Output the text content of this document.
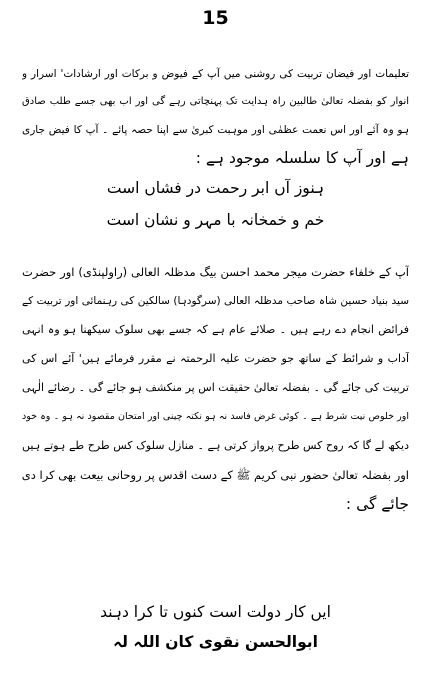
15
تعلیمات اور فیضان تربیت کی روشنی میں آپ کے فیوض و برکات اور ارشادات' اسرار و
انوار کو بفضلہ تعالیٰ طالبین راہ ہدایت تک پہنچاتی رہے گی اور اب بھی جسے طلب صادق
ہو وہ آئے اور اس نعمت عظمٰی اور موہبت کبریٰ سے اپنا حصہ پائے ۔ آپ کا فیض جاری
ہے اور آپ کا سلسلہ موجود ہے :
ہنوز آں ابر رحمت در فشاں است
خم و خمخانہ با مہر و نشان است
آپ کے خلفاء حضرت میجر محمد احسن بیگ مدظلہ العالی (راولپنڈی) اور حضرت
سید بنیاد حسین شاہ صاحب مدظلہ العالی (سرگودہا) سالکین کی رہنمائی اور تربیت کے
فرائض انجام دے رہے ہیں ۔ صلائے عام ہے کہ جسے بھی سلوک سیکھنا ہو وہ انہی
آداب و شرائط کے ساتھ جو حضرت علیہ الرحمتہ نے مقرر فرمائے ہیں' آئے اس کی
تربیت کی جائے گی ۔ بفضلہ تعالیٰ حقیقت اس پر منکشف ہو جائے گی ۔ رضائے الٰہی
اور خلوص نیت شرط ہے ۔ کوئی غرض فاسد نہ ہو نکتہ چینی اور امتحان مقصود نہ ہو ۔ وہ خود
دیکھ لے گا کہ روح کس طرح پرواز کرتی ہے ۔ منازل سلوک کس طرح طے ہوتے ہیں
اور بفضلہ تعالیٰ حضور نبی کریم ﷺ کے دست اقدس پر روحانی بیعت بھی کرا دی
جائے گی :
ایں کار دولت است کنوں تا کرا دہند
ابوالحسن نقوی کان اللہ لہ
